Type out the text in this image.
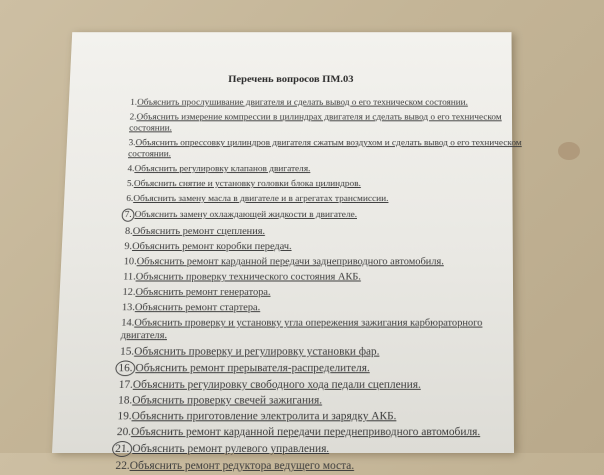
Перечень вопросов ПМ.03
1.Объяснить прослушивание двигателя и сделать вывод о его техническом состоянии.
2.Объяснить измерение компрессии в цилиндрах двигателя и сделать вывод о его техническом состоянии.
3.Объяснить опрессовку цилиндров двигателя сжатым воздухом и сделать вывод о его техническом состоянии.
4.Объяснить регулировку клапанов двигателя.
5.Объяснить снятие и установку головки блока цилиндров.
6.Объяснить замену масла в двигателе и в агрегатах трансмиссии.
7. Объяснить замену охлаждающей жидкости в двигателе.
8.Объяснить ремонт сцепления.
9.Объяснить ремонт коробки передач.
10.Объяснить ремонт карданной передачи заднеприводного автомобиля.
11.Объяснить проверку технического состояния АКБ.
12.Объяснить ремонт генератора.
13.Объяснить ремонт стартера.
14.Объяснить проверку и установку угла опережения зажигания карбюраторного двигателя.
15.Объяснить проверку и регулировку установки фар.
16. Объяснить ремонт прерывателя-распределителя.
17.Объяснить регулировку свободного хода педали сцепления.
18.Объяснить проверку свечей зажигания.
19.Объяснить приготовление электролита и зарядку АКБ.
20.Объяснить ремонт карданной передачи переднеприводного автомобиля.
21. Объяснить ремонт рулевого управления.
22.Объяснить ремонт редуктора ведущего моста.
